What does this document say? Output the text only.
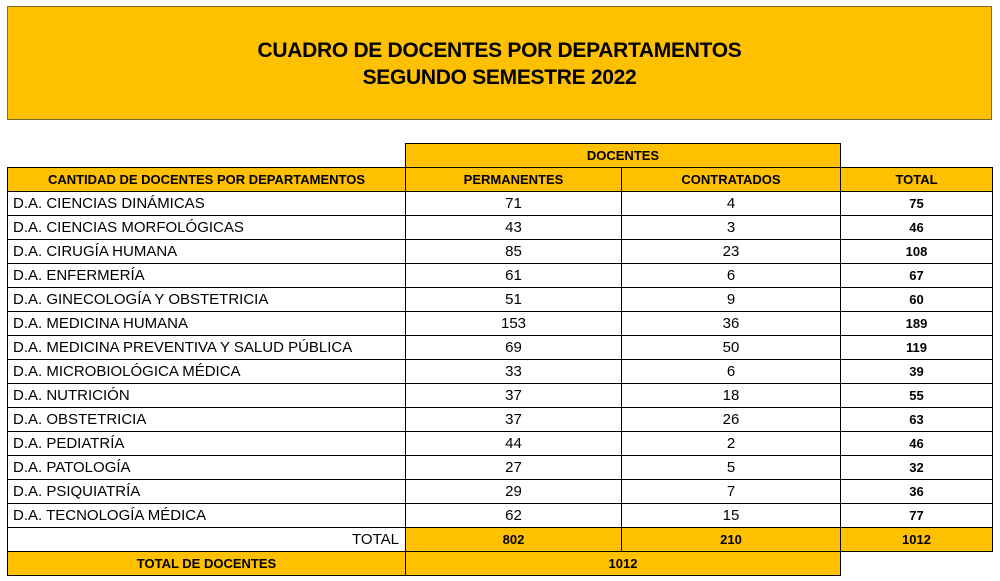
CUADRO DE DOCENTES POR DEPARTAMENTOS
SEGUNDO SEMESTRE 2022
DOCENTES
CANTIDAD DE DOCENTES POR DEPARTAMENTOS	PERMANENTES	CONTRATADOS	TOTAL
D.A. CIENCIAS DINÁMICAS	71	4	75
D.A. CIENCIAS MORFOLÓGICAS	43	3	46
D.A. CIRUGÍA HUMANA	85	23	108
D.A. ENFERMERÍA	61	6	67
D.A. GINECOLOGÍA Y OBSTETRICIA	51	9	60
D.A. MEDICINA HUMANA	153	36	189
D.A. MEDICINA PREVENTIVA Y SALUD PÚBLICA	69	50	119
D.A. MICROBIOLÓGICA MÉDICA	33	6	39
D.A. NUTRICIÓN	37	18	55
D.A. OBSTETRICIA	37	26	63
D.A. PEDIATRÍA	44	2	46
D.A. PATOLOGÍA	27	5	32
D.A. PSIQUIATRÍA	29	7	36
D.A. TECNOLOGÍA MÉDICA	62	15	77
TOTAL	802	210	1012
TOTAL DE DOCENTES	1012
